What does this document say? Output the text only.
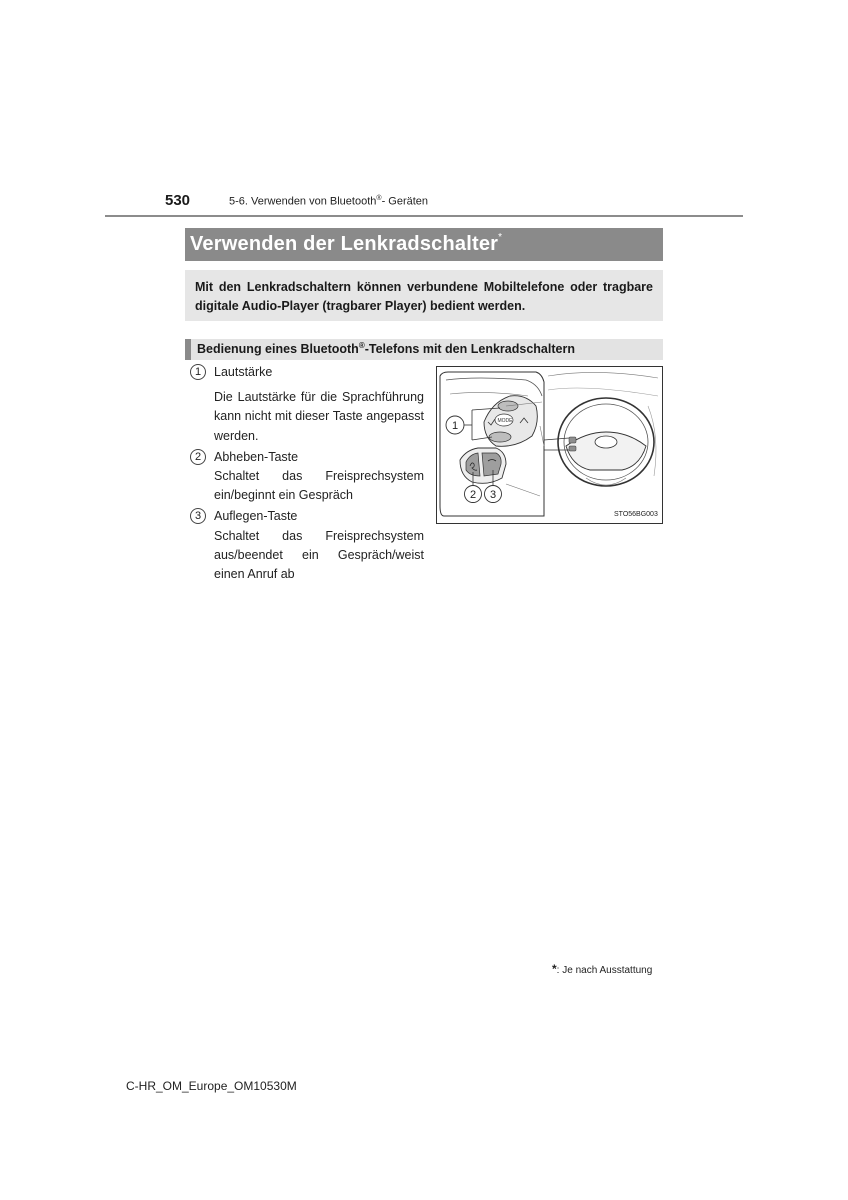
530	5-6. Verwenden von Bluetooth®- Geräten
Verwenden der Lenkradschalter*
Mit den Lenkradschaltern können verbundene Mobiltelefone oder tragbare digitale Audio-Player (tragbarer Player) bedient werden.
Bedienung eines Bluetooth®-Telefons mit den Lenkradschaltern
1	Lautstärke
Die Lautstärke für die Sprachführung kann nicht mit dieser Taste angepasst werden.
2	Abheben-Taste
Schaltet das Freisprechsystem ein/beginnt ein Gespräch
3	Auflegen-Taste
Schaltet das Freisprechsystem aus/beendet ein Gespräch/weist einen Anruf ab
MODE
1
2 3
STO56BG003
*: Je nach Ausstattung
C-HR_OM_Europe_OM10530M
